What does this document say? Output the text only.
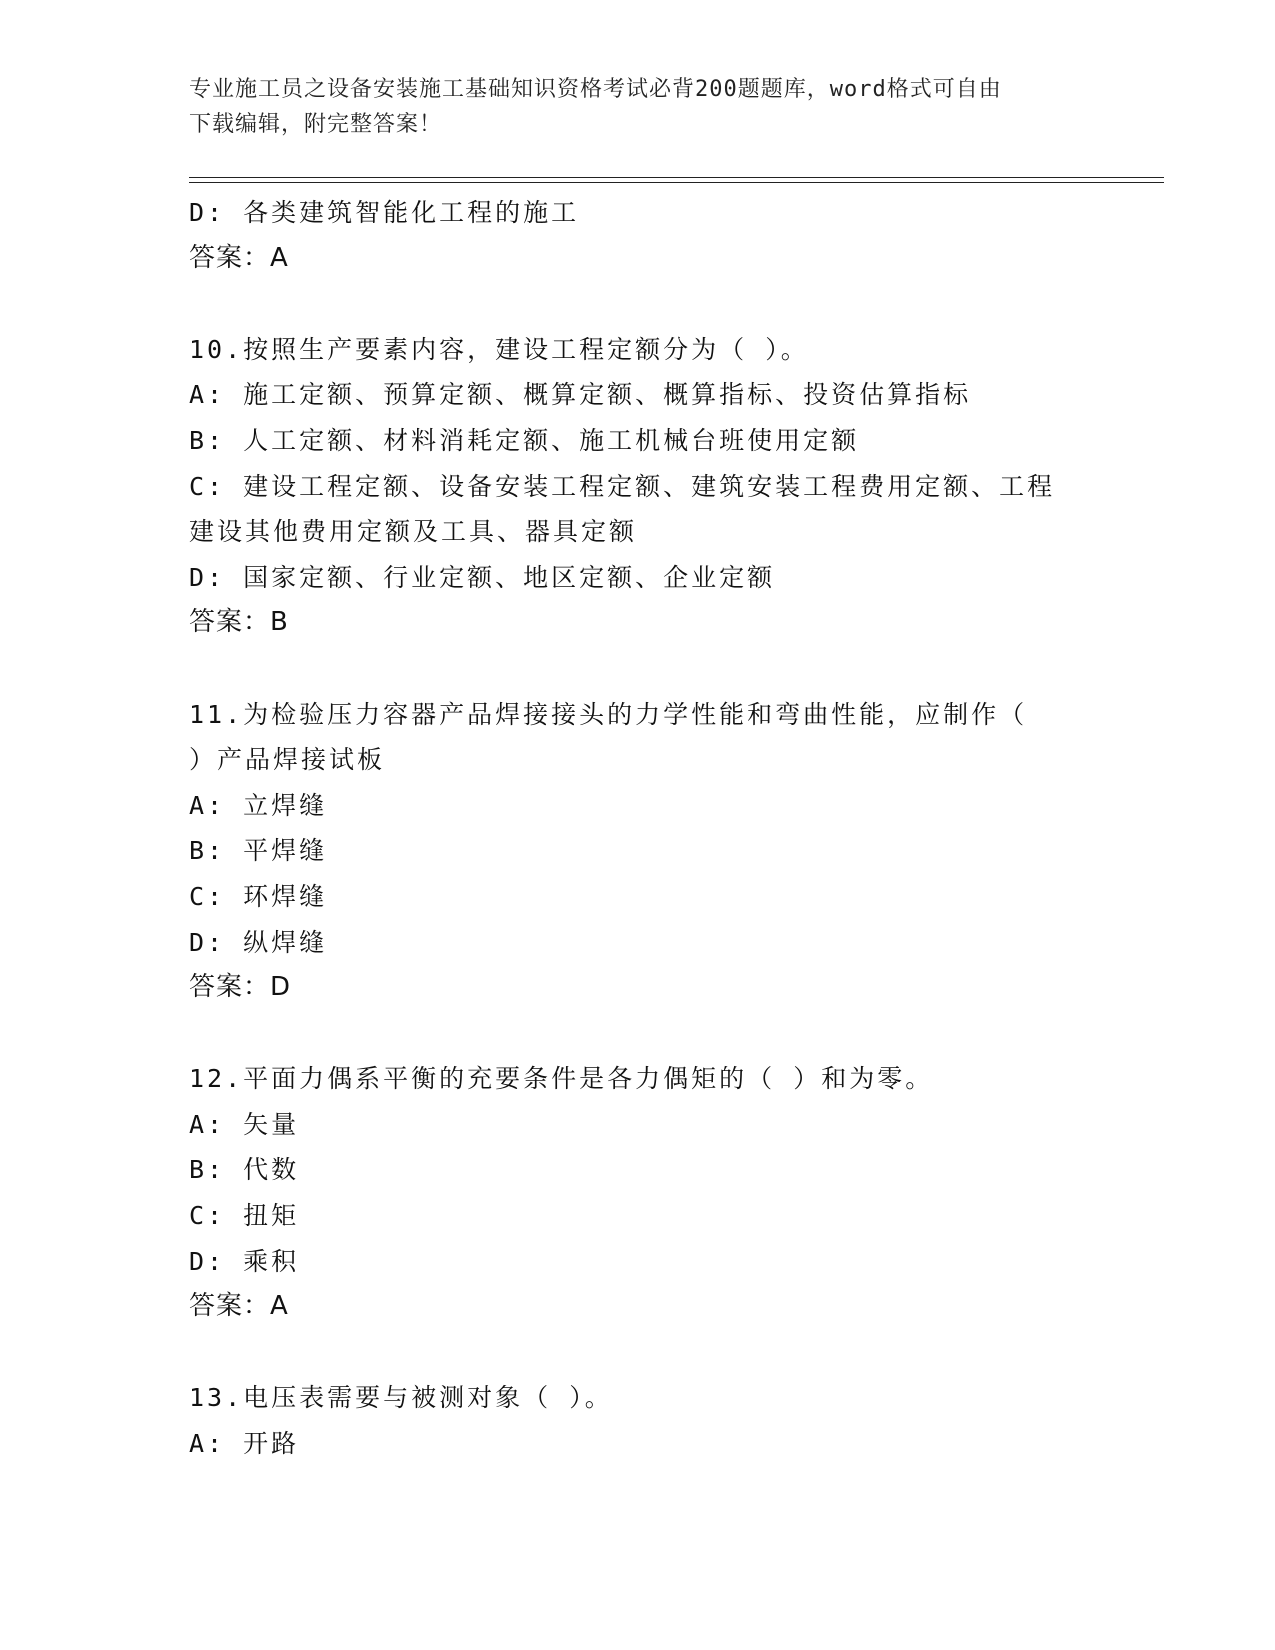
专业施工员之设备安装施工基础知识资格考试必背200题题库，word格式可自由
下载编辑，附完整答案！
D: 各类建筑智能化工程的施工
答案：A
10.按照生产要素内容，建设工程定额分为（ ）。
A: 施工定额、预算定额、概算定额、概算指标、投资估算指标
B: 人工定额、材料消耗定额、施工机械台班使用定额
C: 建设工程定额、设备安装工程定额、建筑安装工程费用定额、工程
建设其他费用定额及工具、器具定额
D: 国家定额、行业定额、地区定额、企业定额
答案：B
11.为检验压力容器产品焊接接头的力学性能和弯曲性能，应制作（
）产品焊接试板
A: 立焊缝
B: 平焊缝
C: 环焊缝
D: 纵焊缝
答案：D
12.平面力偶系平衡的充要条件是各力偶矩的（ ）和为零。
A: 矢量
B: 代数
C: 扭矩
D: 乘积
答案：A
13.电压表需要与被测对象（ ）。
A: 开路
